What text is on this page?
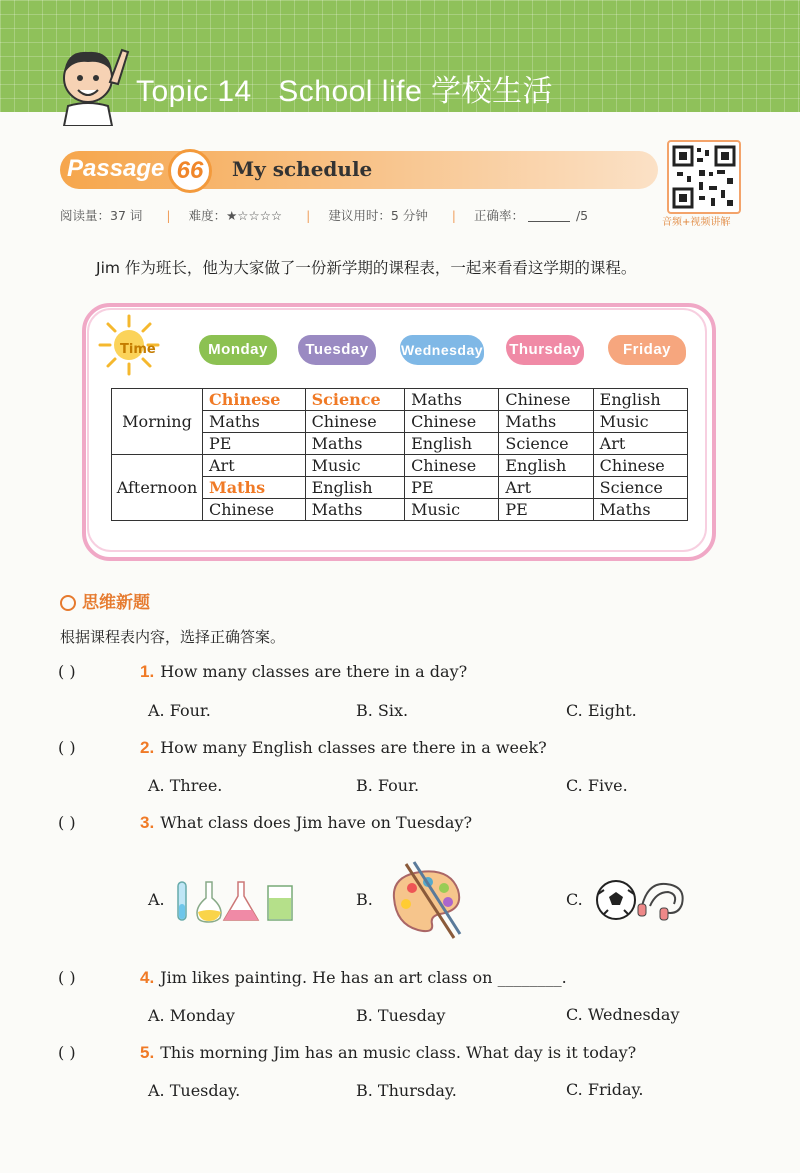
Topic 14   School life 学校生活
Passage 66	My schedule
音频+视频讲解
阅读量：37 词 | 难度：★☆☆☆☆ | 建议用时：5 分钟 | 正确率：	/5
Jim 作为班长，他为大家做了一份新学期的课程表，一起来看看这学期的课程。
Time	Monday	Tuesday	Wednesday Thursday	Friday
Morning	Chinese	Science	Maths	Chinese	English
	Maths	Chinese	Chinese	Maths	Music
	PE	Maths	English	Science	Art
Afternoon	Art	Music	Chinese	English	Chinese
	Maths	English	PE	Art	Science
	Chinese	Maths	Music	PE	Maths
思维新题
根据课程表内容，选择正确答案。
( )	1. How many classes are there in a day?
A. Four.	B. Six.	C. Eight.
( )	2. How many English classes are there in a week?
A. Three.	B. Four.	C. Five.
( )	3. What class does Jim have on Tuesday?
A.	B.	C.
( )	4. Jim likes painting. He has an art class on ________.
A. Monday	B. Tuesday	C. Wednesday
( )	5. This morning Jim has an music class. What day is it today?
A. Tuesday.	B. Thursday.	C. Friday.
